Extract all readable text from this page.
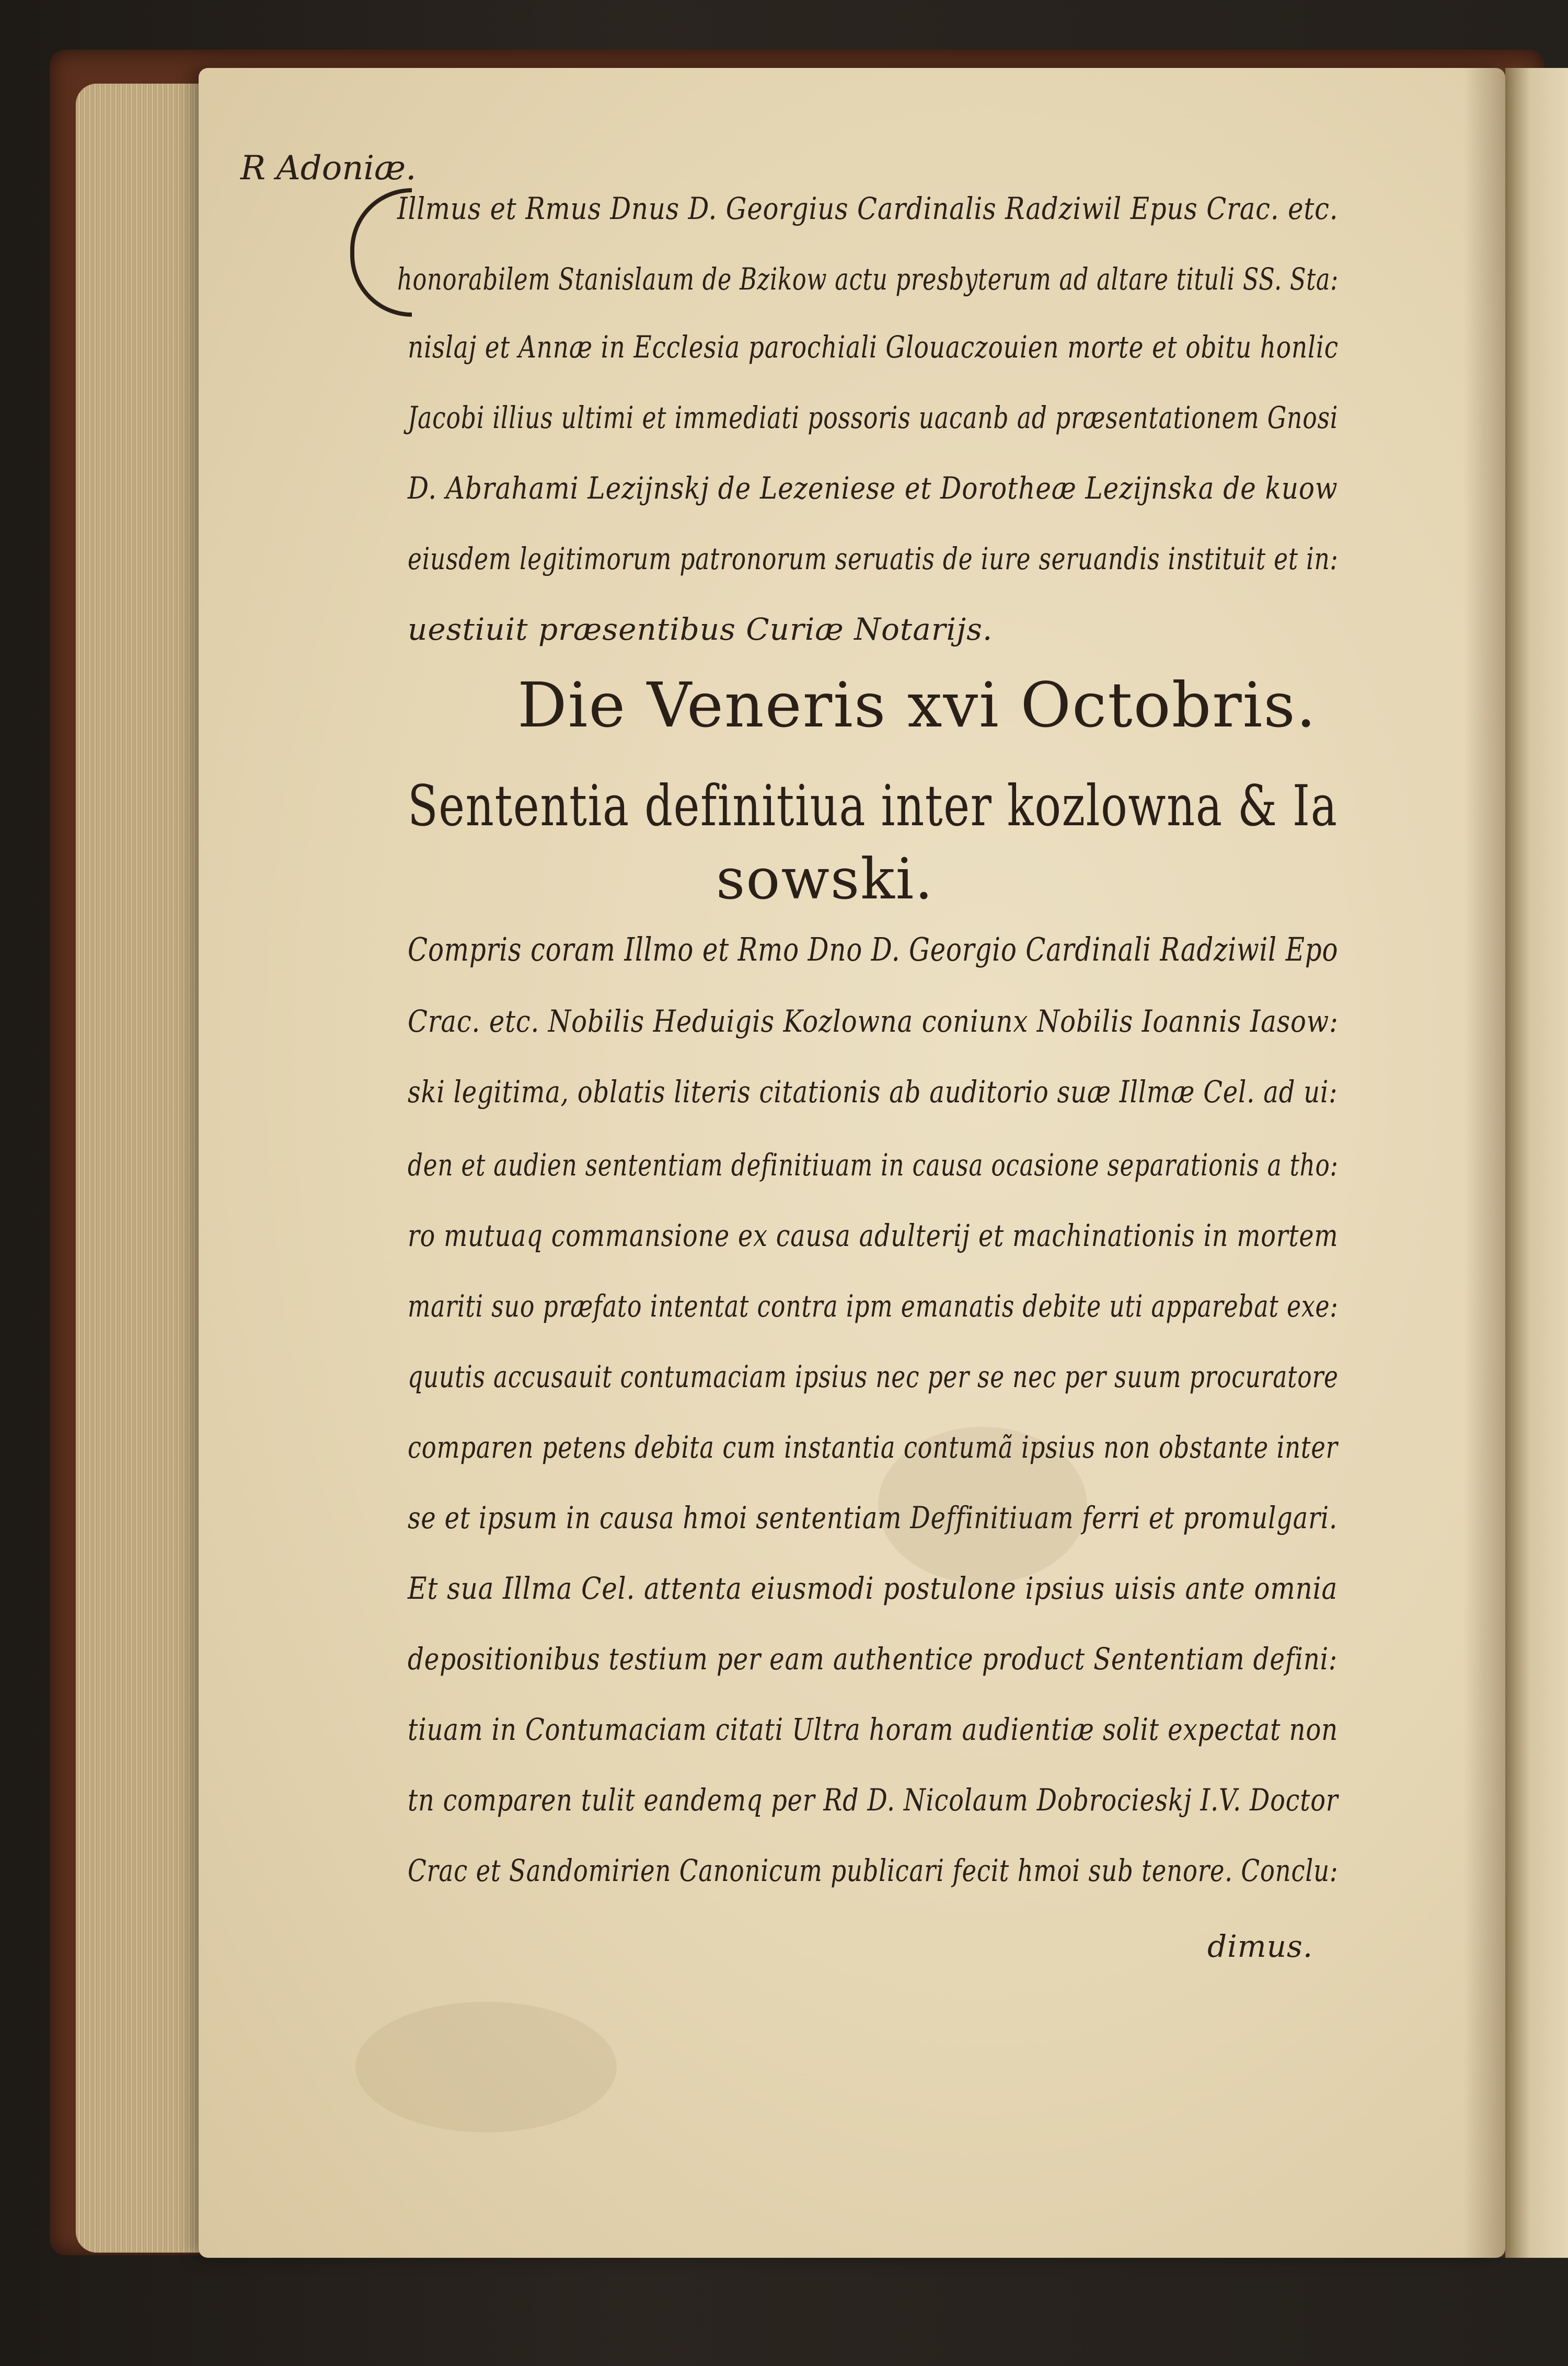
R Adoniæ.
Illmus et Rmus Dnus D. Georgius Cardinalis Radziwil Epus Crac. etc.
honorabilem Stanislaum de Bzikow actu presbyterum ad altare tituli SS. Sta:
nislaj et Annæ in Ecclesia parochiali Glouaczouien morte et obitu honlic
Jacobi illius ultimi et immediati possoris uacanb ad præsentationem Gnosi
D. Abrahami Lezijnskj de Lezeniese et Dorotheæ Lezijnska de kuow
eiusdem legitimorum patronorum seruatis de iure seruandis instituit et in:
uestiuit præsentibus Curiæ Notarijs.
Die Veneris xvi Octobris.
Sententia definitiua inter kozlowna & Ia
sowski.
Compris coram Illmo et Rmo Dno D. Georgio Cardinali Radziwil Epo
Crac. etc. Nobilis Heduigis Kozlowna coniunx Nobilis Ioannis Iasow:
ski legitima, oblatis literis citationis ab auditorio suæ Illmæ Cel. ad ui:
den et audien sententiam definitiuam in causa ocasione separationis a tho:
ro mutuaq commansione ex causa adulterij et machinationis in mortem
mariti suo præfato intentat contra ipm emanatis debite uti apparebat exe:
quutis accusauit contumaciam ipsius nec per se nec per suum procuratore
comparen petens debita cum instantia contumã ipsius non obstante inter
se et ipsum in causa hmoi sententiam Deffinitiuam ferri et promulgari.
Et sua Illma Cel. attenta eiusmodi postulone ipsius uisis ante omnia
depositionibus testium per eam authentice product Sententiam defini:
tiuam in Contumaciam citati Ultra horam audientiæ solit expectat non
tn comparen tulit eandemq per Rd D. Nicolaum Dobrocieskj I.V. Doctor
Crac et Sandomirien Canonicum publicari fecit hmoi sub tenore. Conclu:
dimus.
